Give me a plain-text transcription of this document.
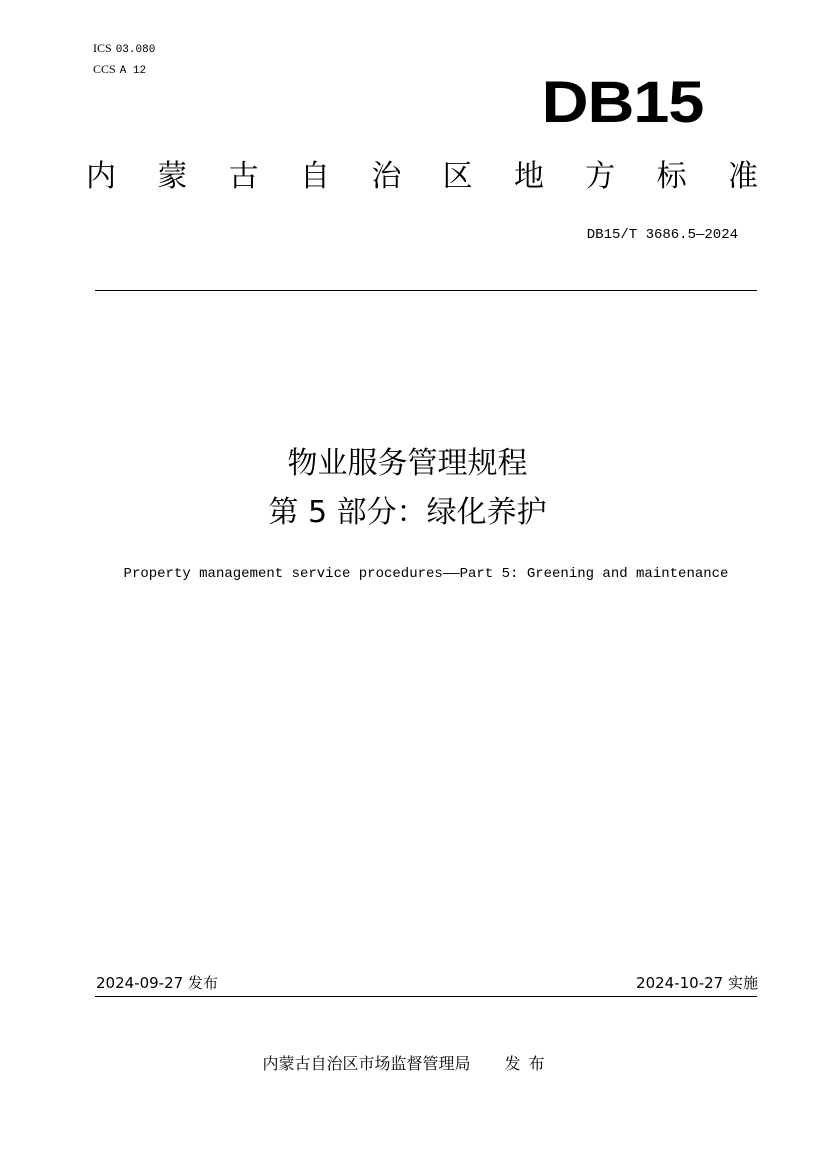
ICS 03.080
CCS A 12	DB15
内 蒙 古 自 治 区 地 方 标 准
DB15/T 3686.5—2024
物业服务管理规程
第 5 部分：绿化养护
Property management service procedures——Part 5: Greening and maintenance
2024-09-27 发布	2024-10-27 实施
内蒙古自治区市场监督管理局 发布
